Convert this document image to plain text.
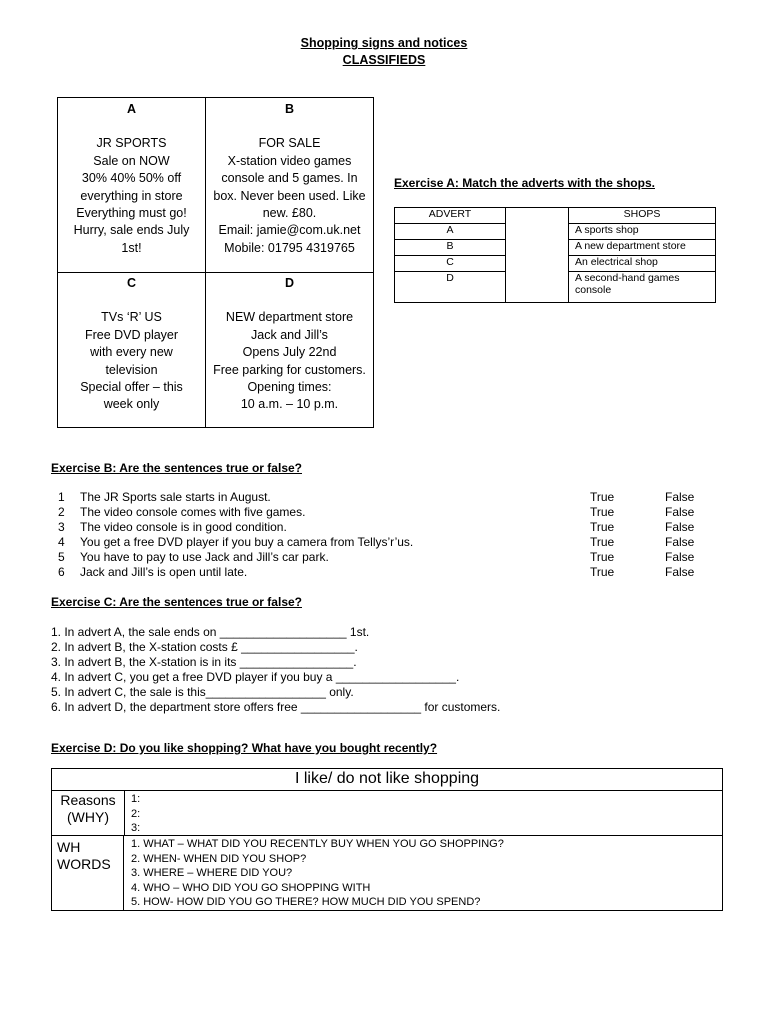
Shopping signs and notices
CLASSIFIEDS
A
JR SPORTS
Sale on NOW
30% 40% 50% off
everything in store
Everything must go!
Hurry, sale ends July
1st!
B
FOR SALE
X-station video games
console and 5 games. In
box. Never been used. Like
new. £80.
Email: jamie@com.uk.net
Mobile: 01795 4319765
C
TVs ‘R’ US
Free DVD player
with every new
television
Special offer – this
week only
D
NEW department store
Jack and Jill’s
Opens July 22nd
Free parking for customers.
Opening times:
10 a.m. – 10 p.m.
Exercise A: Match the adverts with the shops.
ADVERT		SHOPS
A		A sports shop
B		A new department store
C		An electrical shop
D		A second-hand games
console
Exercise B: Are the sentences true or false?
1 The JR Sports sale starts in August.	True	False
2 The video console comes with five games.	True	False
3 The video console is in good condition.	True	False
4 You get a free DVD player if you buy a camera from Tellys’r’us.	True	False
5 You have to pay to use Jack and Jill’s car park.	True	False
6 Jack and Jill’s is open until late.	True	False
Exercise C: Are the sentences true or false?
1. In advert A, the sale ends on ___________________ 1st.
2. In advert B, the X-station costs £ _________________.
3. In advert B, the X-station is in its _________________.
4. In advert C, you get a free DVD player if you buy a __________________.
5. In advert C, the sale is this__________________ only.
6. In advert D, the department store offers free __________________ for customers.
Exercise D: Do you like shopping? What have you bought recently?
I like/ do not like shopping
Reasons
(WHY)
1:
2:
3:
WH
WORDS
1. WHAT – WHAT DID YOU RECENTLY BUY WHEN YOU GO SHOPPING?
2. WHEN- WHEN DID YOU SHOP?
3. WHERE – WHERE DID YOU?
4. WHO – WHO DID YOU GO SHOPPING WITH
5. HOW- HOW DID YOU GO THERE? HOW MUCH DID YOU SPEND?
